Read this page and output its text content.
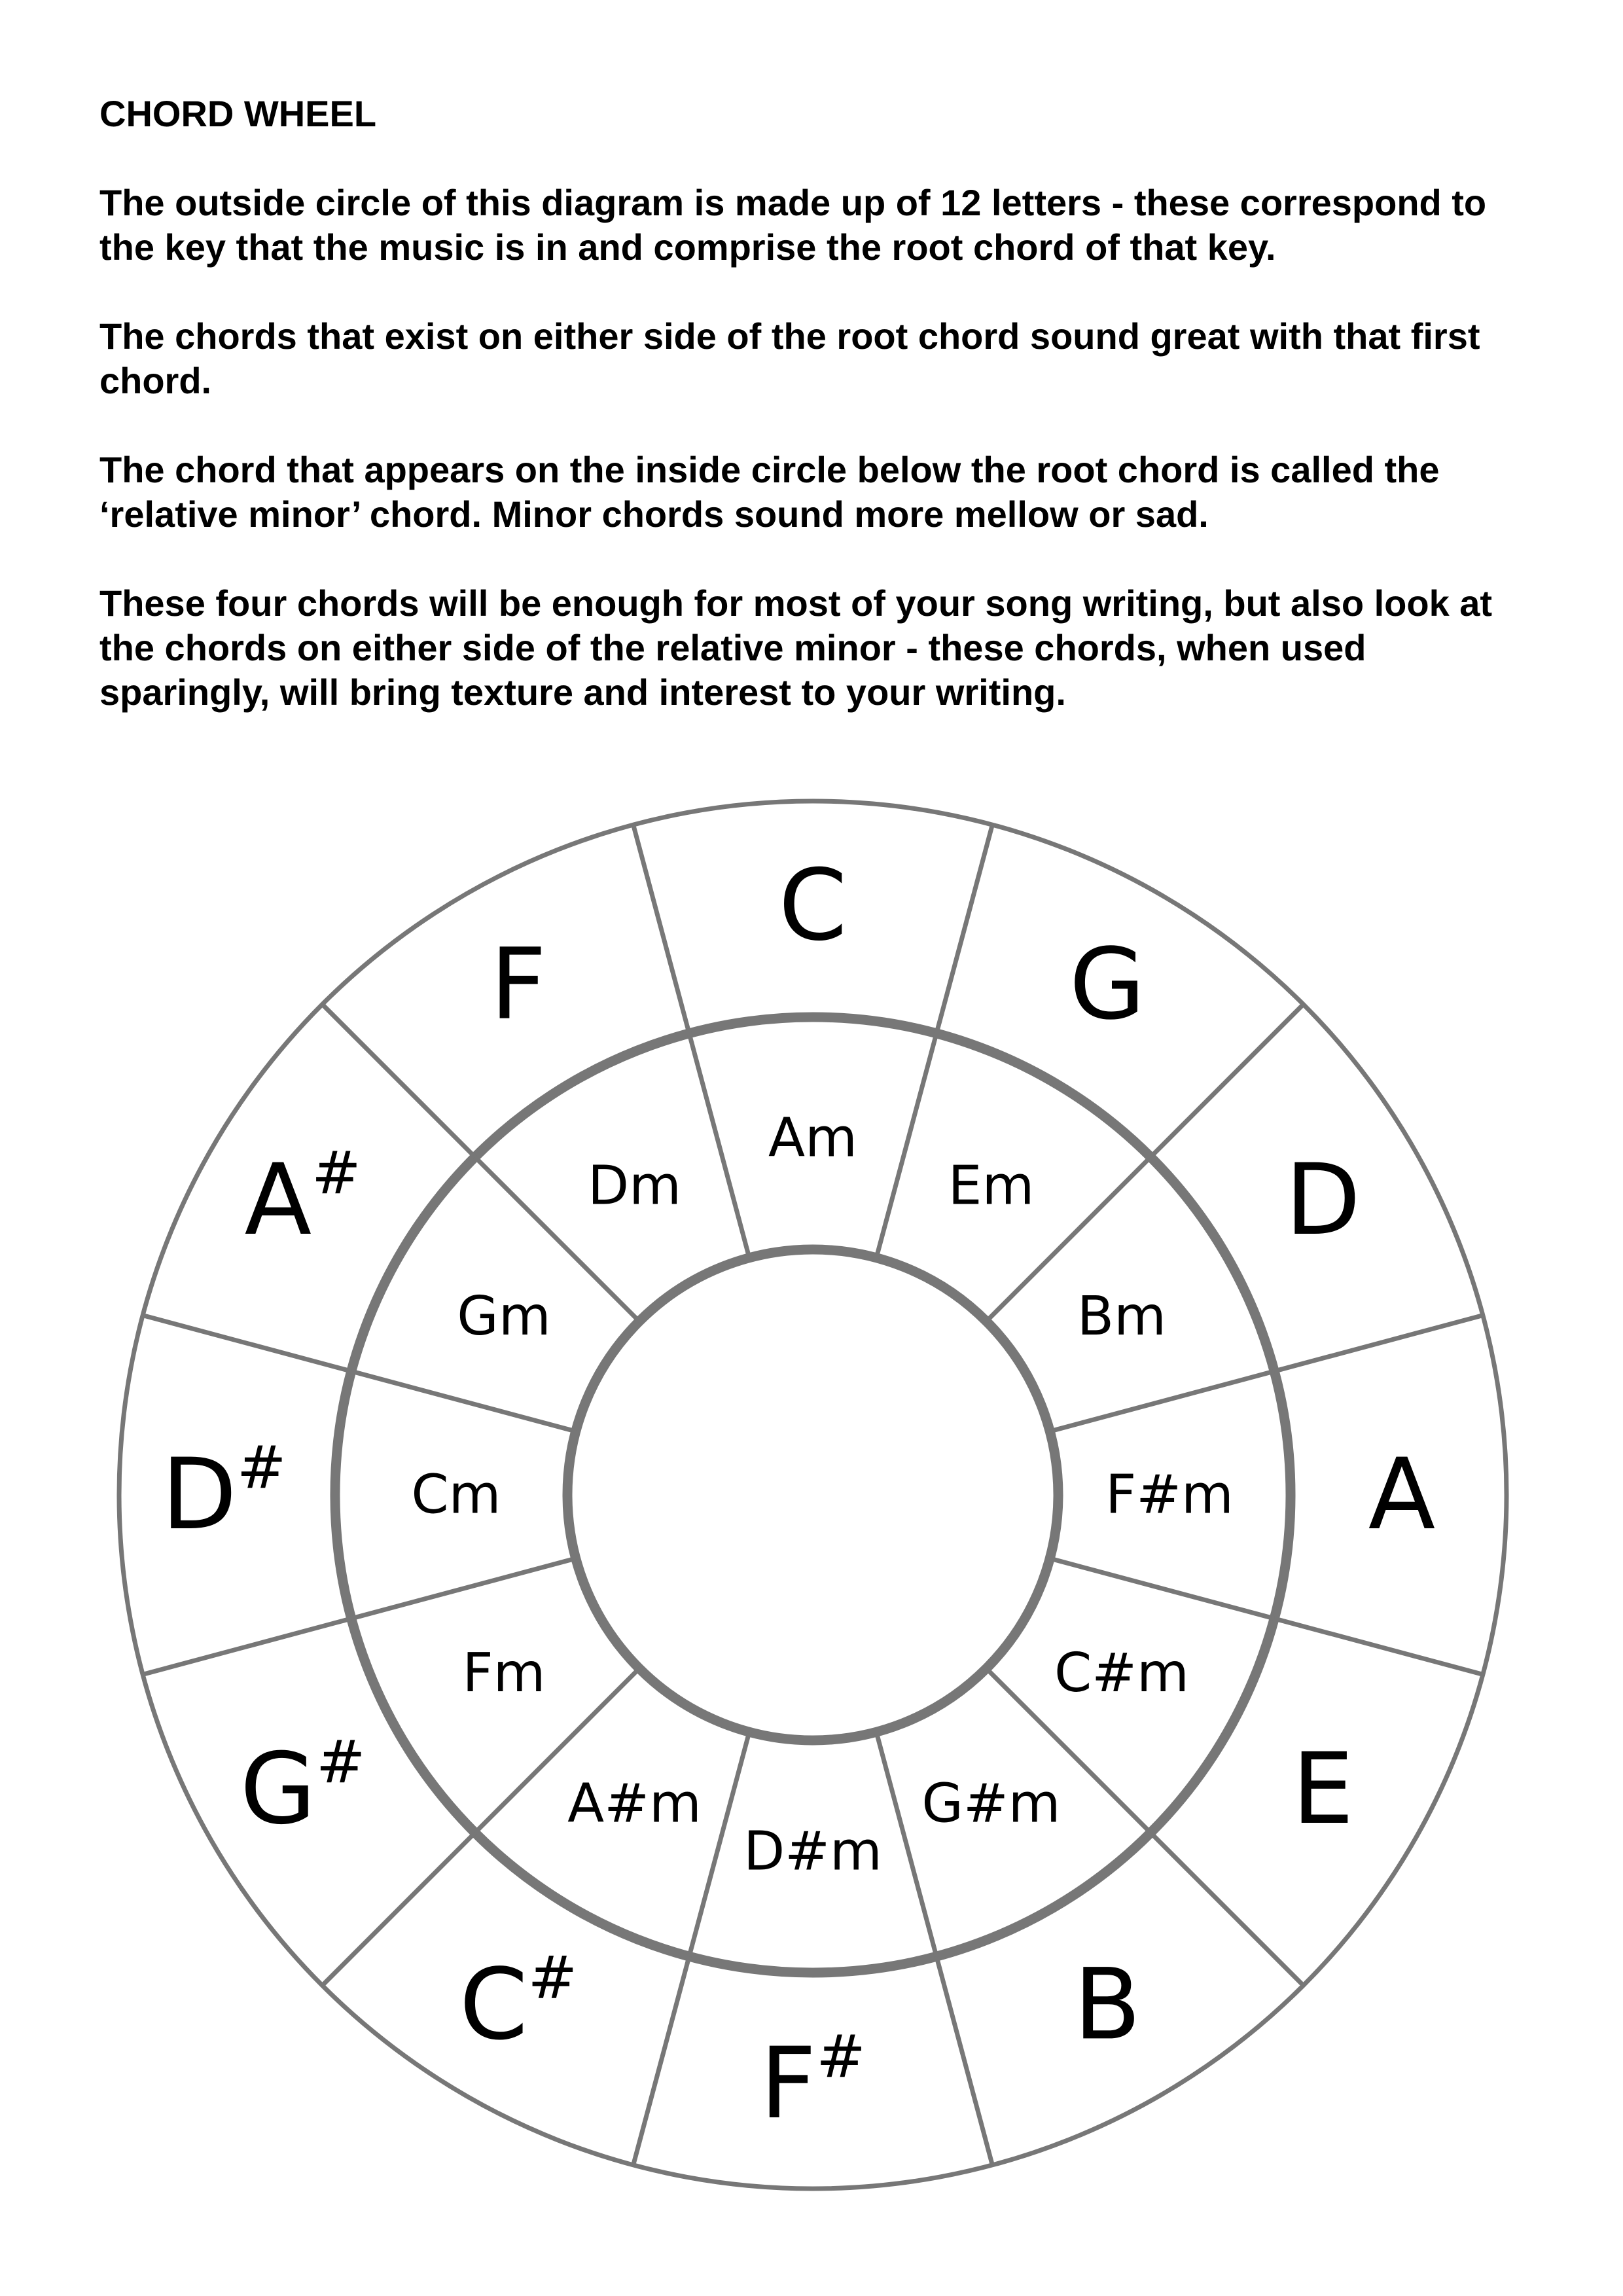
CHORD WHEEL

The outside circle of this diagram is made up of 12 letters - these correspond to the key that the music is in and comprise the root chord of that key.

The chords that exist on either side of the root chord sound great with that first chord.

The chord that appears on the inside circle below the root chord is called the ‘relative minor’ chord. Minor chords sound more mellow or sad.

These four chords will be enough for most of your song writing, but also look at the chords on either side of the relative minor - these chords, when used sparingly, will bring texture and interest to your writing.

C
G
D
A
E
B
F#
C#
G#
D#
A#
F
Am
Em
Bm
F#m
C#m
G#m
D#m
A#m
Fm
Cm
Gm
Dm
